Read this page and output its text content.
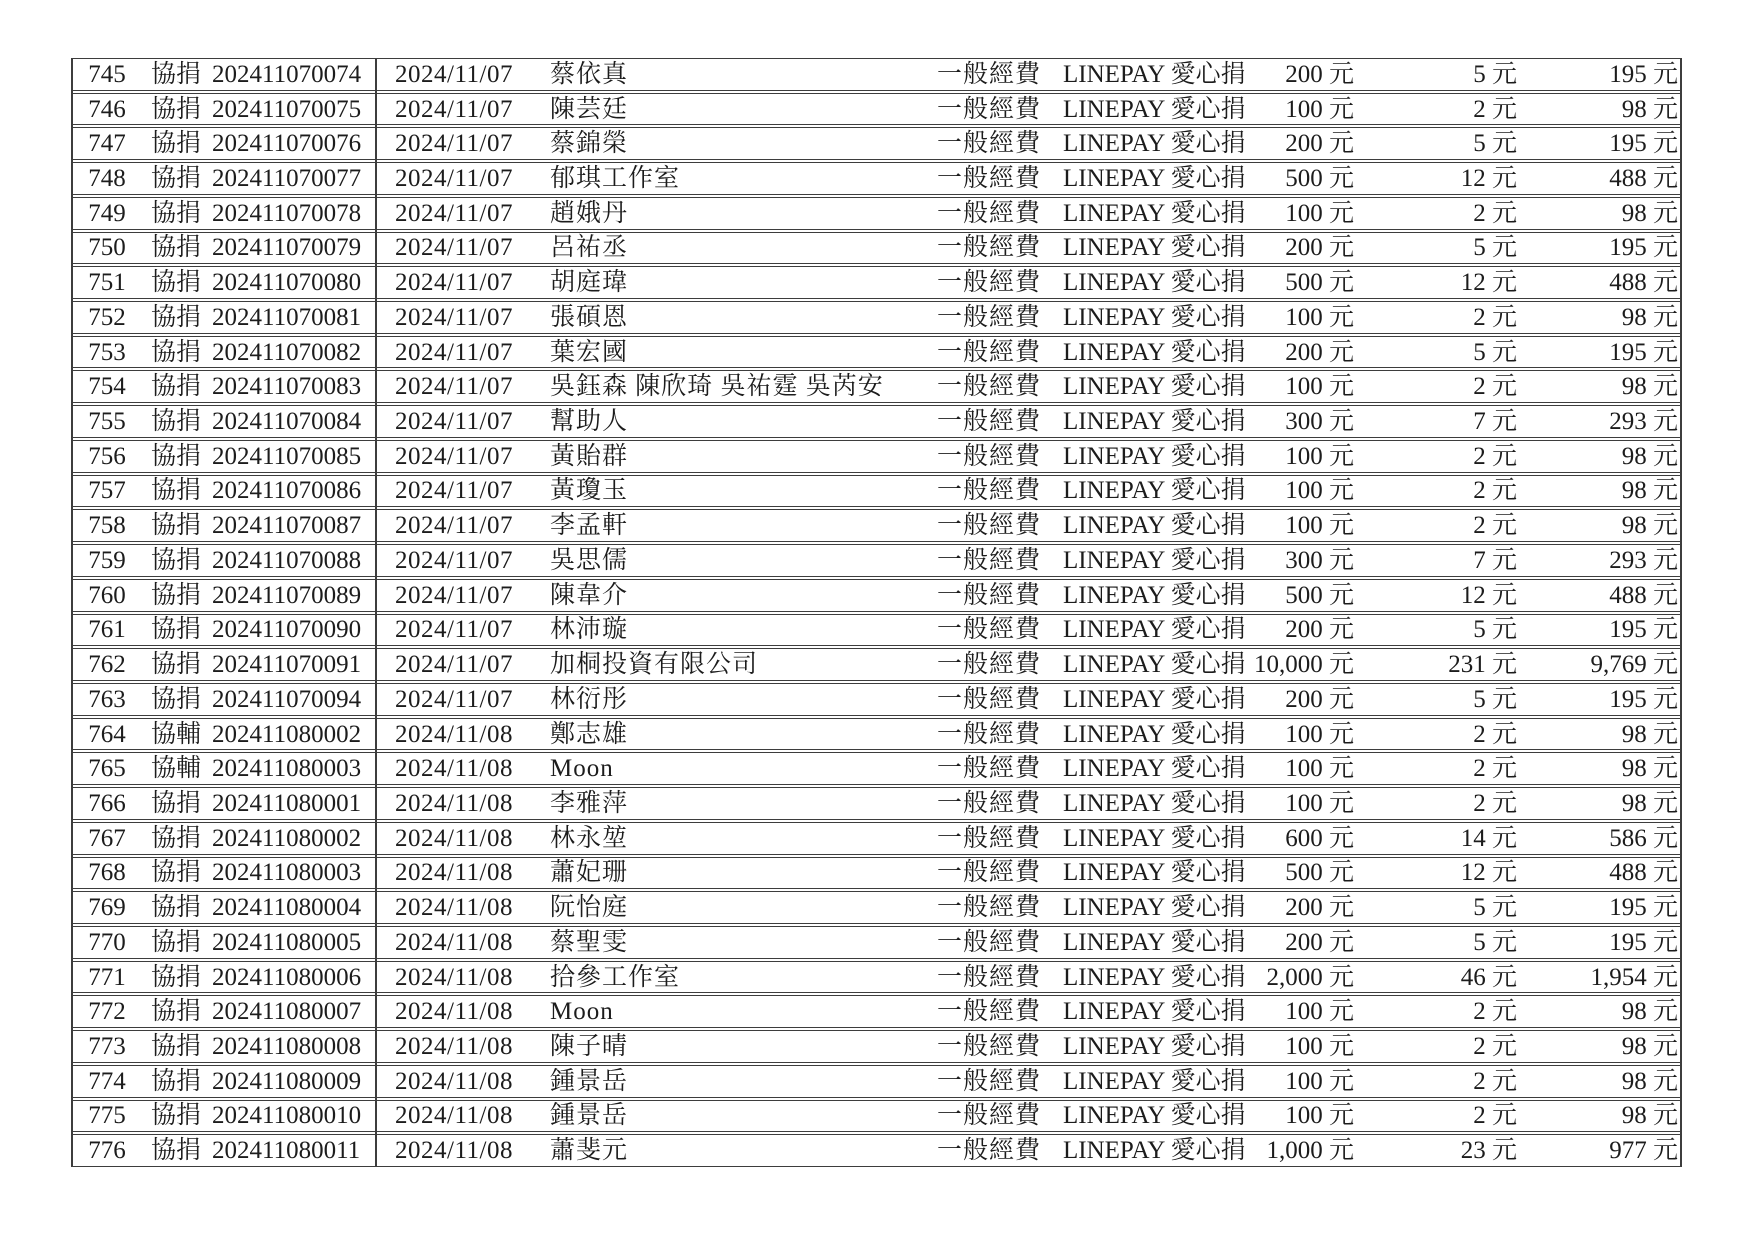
745	協捐 202411070074	2024/11/07	蔡依真	一般經費 LINEPAY 愛心捐	200 元	5 元	195 元
746	協捐 202411070075	2024/11/07	陳芸廷	一般經費 LINEPAY 愛心捐	100 元	2 元	98 元
747	協捐 202411070076	2024/11/07	蔡錦榮	一般經費 LINEPAY 愛心捐	200 元	5 元	195 元
748	協捐 202411070077	2024/11/07	郁琪工作室	一般經費 LINEPAY 愛心捐	500 元	12 元	488 元
749	協捐 202411070078	2024/11/07	趙娥丹	一般經費 LINEPAY 愛心捐	100 元	2 元	98 元
750	協捐 202411070079	2024/11/07	呂祐丞	一般經費 LINEPAY 愛心捐	200 元	5 元	195 元
751	協捐 202411070080	2024/11/07	胡庭瑋	一般經費 LINEPAY 愛心捐	500 元	12 元	488 元
752	協捐 202411070081	2024/11/07	張碩恩	一般經費 LINEPAY 愛心捐	100 元	2 元	98 元
753	協捐 202411070082	2024/11/07	葉宏國	一般經費 LINEPAY 愛心捐	200 元	5 元	195 元
754	協捐 202411070083	2024/11/07	吳鈺森 陳欣琦 吳祐霆 吳芮安	一般經費 LINEPAY 愛心捐	100 元	2 元	98 元
755	協捐 202411070084	2024/11/07	幫助人	一般經費 LINEPAY 愛心捐	300 元	7 元	293 元
756	協捐 202411070085	2024/11/07	黃貽群	一般經費 LINEPAY 愛心捐	100 元	2 元	98 元
757	協捐 202411070086	2024/11/07	黃瓊玉	一般經費 LINEPAY 愛心捐	100 元	2 元	98 元
758	協捐 202411070087	2024/11/07	李孟軒	一般經費 LINEPAY 愛心捐	100 元	2 元	98 元
759	協捐 202411070088	2024/11/07	吳思儒	一般經費 LINEPAY 愛心捐	300 元	7 元	293 元
760	協捐 202411070089	2024/11/07	陳韋介	一般經費 LINEPAY 愛心捐	500 元	12 元	488 元
761	協捐 202411070090	2024/11/07	林沛璇	一般經費 LINEPAY 愛心捐	200 元	5 元	195 元
762	協捐 202411070091	2024/11/07	加桐投資有限公司	一般經費 LINEPAY 愛心捐 10,000 元	231 元	9,769 元
763	協捐 202411070094	2024/11/07	林衍彤	一般經費 LINEPAY 愛心捐	200 元	5 元	195 元
764	協輔 202411080002	2024/11/08	鄭志雄	一般經費 LINEPAY 愛心捐	100 元	2 元	98 元
765	協輔 202411080003	2024/11/08	Moon	一般經費 LINEPAY 愛心捐	100 元	2 元	98 元
766	協捐 202411080001	2024/11/08	李雅萍	一般經費 LINEPAY 愛心捐	100 元	2 元	98 元
767	協捐 202411080002	2024/11/08	林永堃	一般經費 LINEPAY 愛心捐	600 元	14 元	586 元
768	協捐 202411080003	2024/11/08	蕭妃珊	一般經費 LINEPAY 愛心捐	500 元	12 元	488 元
769	協捐 202411080004	2024/11/08	阮怡庭	一般經費 LINEPAY 愛心捐	200 元	5 元	195 元
770	協捐 202411080005	2024/11/08	蔡聖雯	一般經費 LINEPAY 愛心捐	200 元	5 元	195 元
771	協捐 202411080006	2024/11/08	拾參工作室	一般經費 LINEPAY 愛心捐 2,000 元	46 元	1,954 元
772	協捐 202411080007	2024/11/08	Moon	一般經費 LINEPAY 愛心捐	100 元	2 元	98 元
773	協捐 202411080008	2024/11/08	陳子晴	一般經費 LINEPAY 愛心捐	100 元	2 元	98 元
774	協捐 202411080009	2024/11/08	鍾景岳	一般經費 LINEPAY 愛心捐	100 元	2 元	98 元
775	協捐 202411080010	2024/11/08	鍾景岳	一般經費 LINEPAY 愛心捐	100 元	2 元	98 元
776	協捐 202411080011	2024/11/08	蕭斐元	一般經費 LINEPAY 愛心捐 1,000 元	23 元	977 元
